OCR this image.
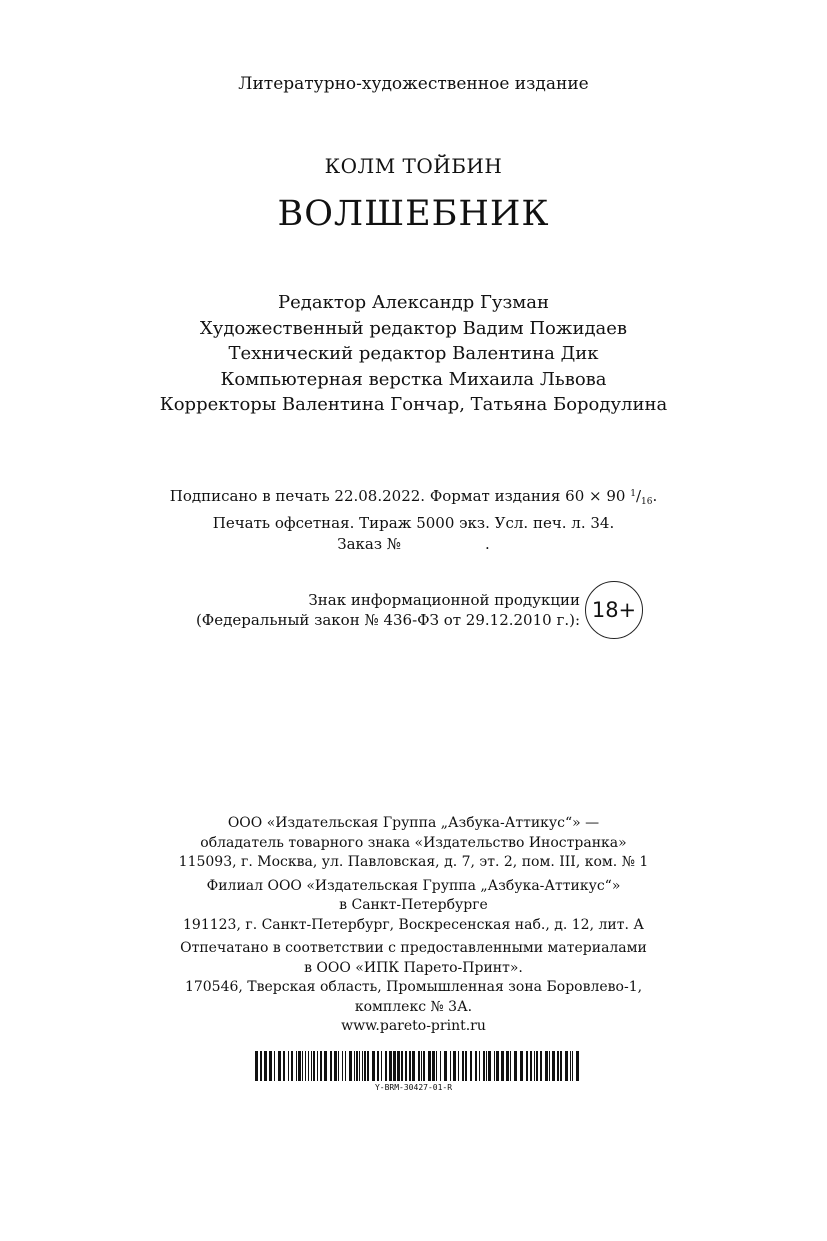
Литературно-художественное издание
КОЛМ ТОЙБИН
ВОЛШЕБНИК
Редактор Александр Гузман
Художественный редактор Вадим Пожидаев
Технический редактор Валентина Дик
Компьютерная верстка Михаила Львова
Корректоры Валентина Гончар, Татьяна Бородулина
Подписано в печать 22.08.2022. Формат издания 60 × 90 $^1/_{16}$.
Печать офсетная. Тираж 5000 экз. Усл. печ. л. 34.
Заказ №	.
Знак информационной продукции
(Федеральный закон № 436-ФЗ от 29.12.2010 г.): 18+
ООО «Издательская Группа „Азбука-Аттикус“» —
обладатель товарного знака «Издательство Иностранка»
115093, г. Москва, ул. Павловская, д. 7, эт. 2, пом. III, ком. № 1
Филиал ООО «Издательская Группа „Азбука-Аттикус“»
в Санкт-Петербурге
191123, г. Санкт-Петербург, Воскресенская наб., д. 12, лит. А
Отпечатано в соответствии с предоставленными материалами
в ООО «ИПК Парето-Принт».
170546, Тверская область, Промышленная зона Боровлево-1,
комплекс № 3А.
www.pareto-print.ru
Y-BRM-30427-01-R
